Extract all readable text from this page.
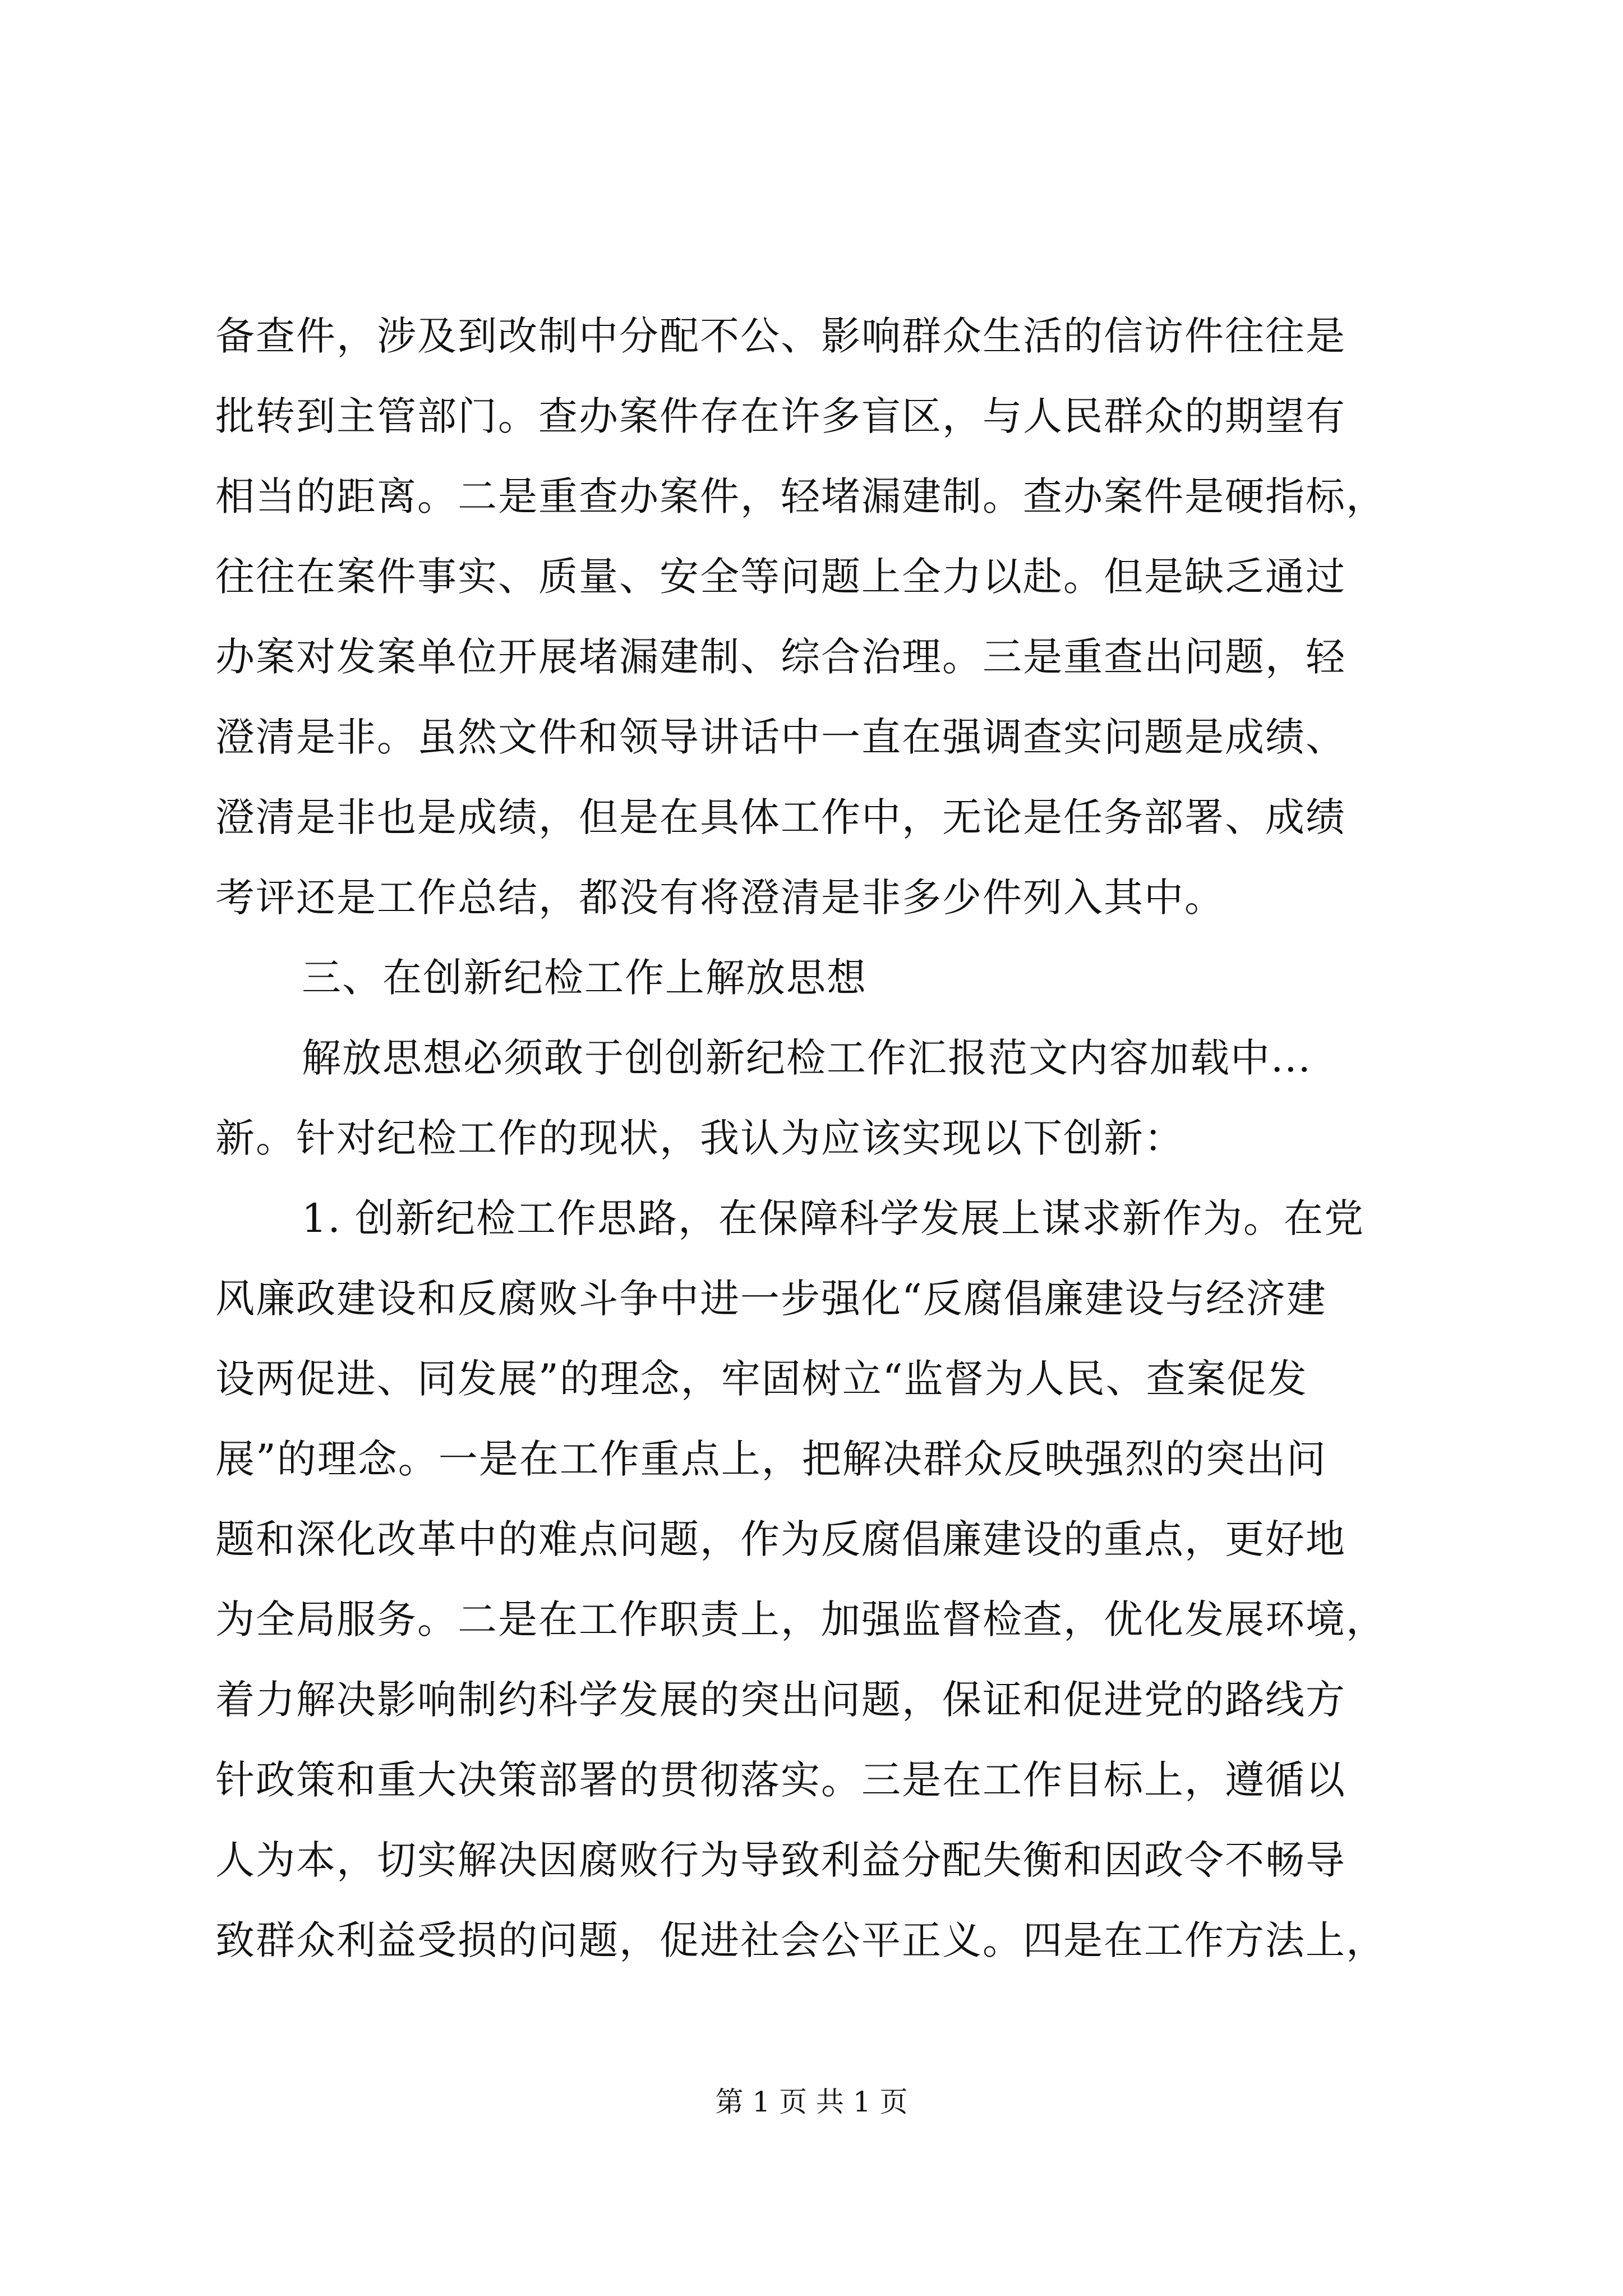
备查件，涉及到改制中分配不公、影响群众生活的信访件往往是
批转到主管部门。查办案件存在许多盲区，与人民群众的期望有
相当的距离。二是重查办案件，轻堵漏建制。查办案件是硬指标，
往往在案件事实、质量、安全等问题上全力以赴。但是缺乏通过
办案对发案单位开展堵漏建制、综合治理。三是重查出问题，轻
澄清是非。虽然文件和领导讲话中一直在强调查实问题是成绩、
澄清是非也是成绩，但是在具体工作中，无论是任务部署、成绩
考评还是工作总结，都没有将澄清是非多少件列入其中。
三、在创新纪检工作上解放思想
解放思想必须敢于创创新纪检工作汇报范文内容加载中...
新。针对纪检工作的现状，我认为应该实现以下创新：
1. 创新纪检工作思路，在保障科学发展上谋求新作为。在党
风廉政建设和反腐败斗争中进一步强化“反腐倡廉建设与经济建
设两促进、同发展”的理念，牢固树立“监督为人民、查案促发
展”的理念。一是在工作重点上，把解决群众反映强烈的突出问
题和深化改革中的难点问题，作为反腐倡廉建设的重点，更好地
为全局服务。二是在工作职责上，加强监督检查，优化发展环境，
着力解决影响制约科学发展的突出问题，保证和促进党的路线方
针政策和重大决策部署的贯彻落实。三是在工作目标上，遵循以
人为本，切实解决因腐败行为导致利益分配失衡和因政令不畅导
致群众利益受损的问题，促进社会公平正义。四是在工作方法上，
第 1 页 共 1 页
